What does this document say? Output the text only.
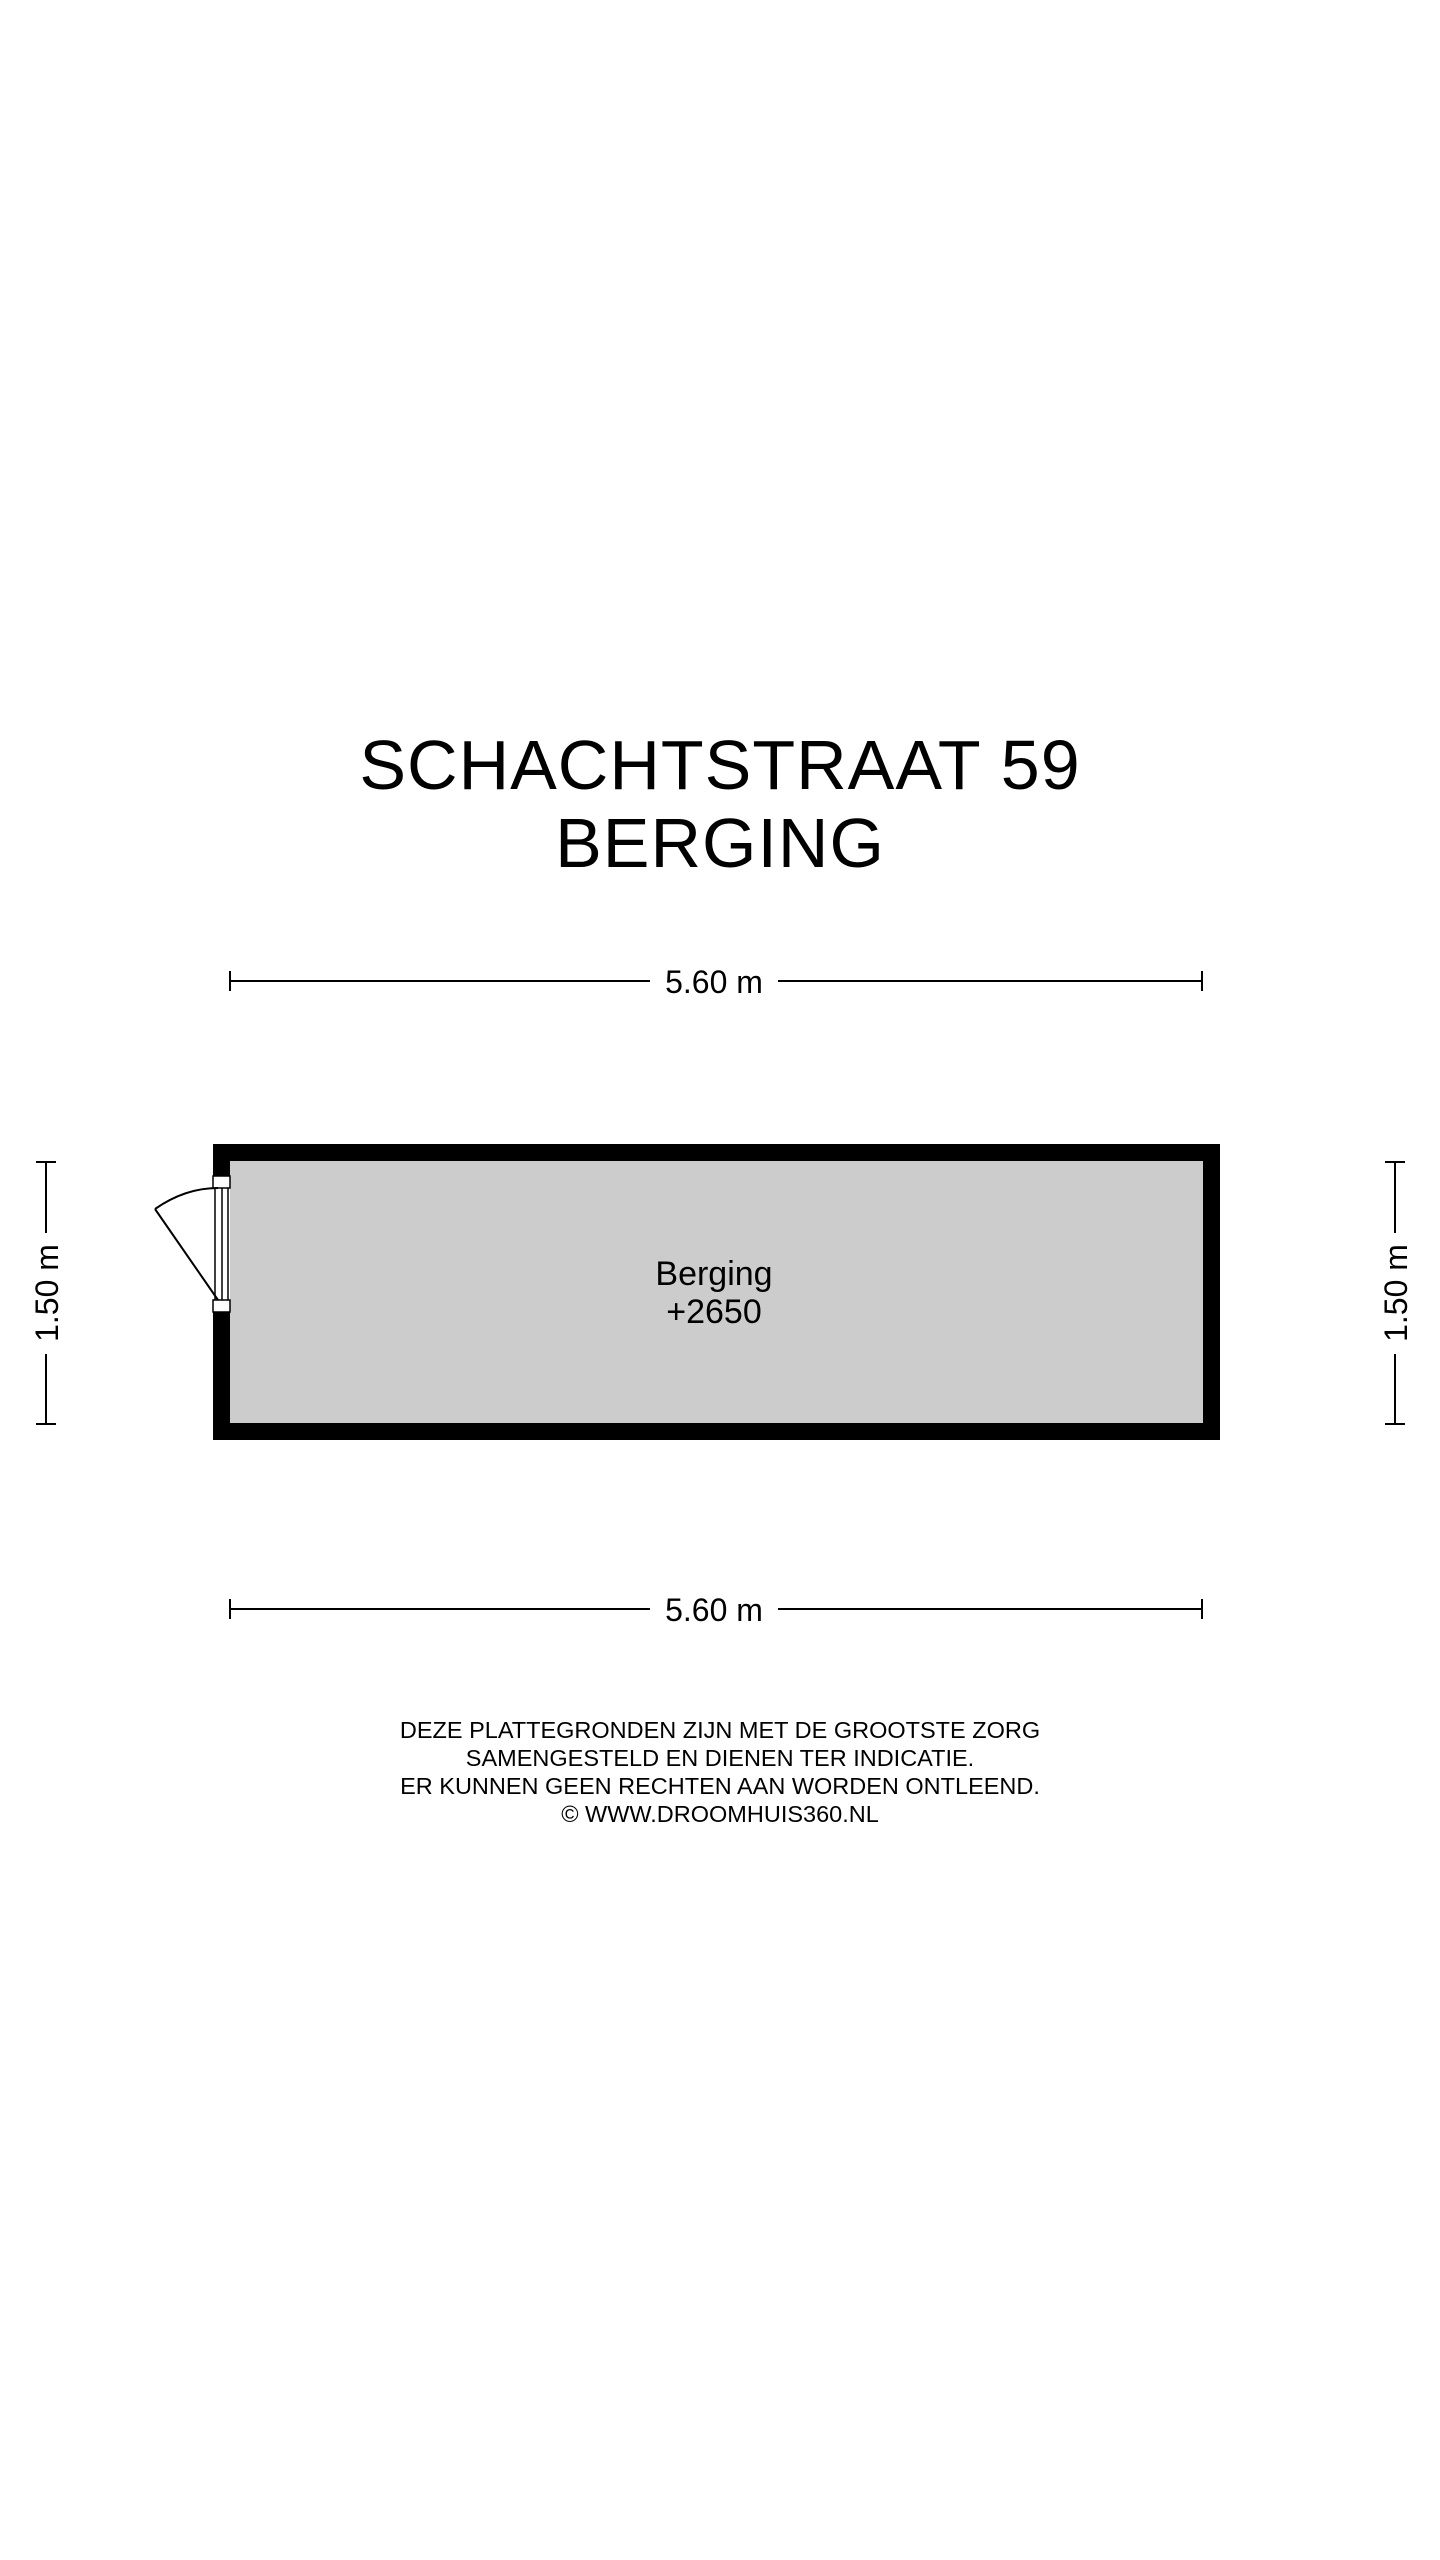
SCHACHTSTRAAT 59
BERGING
5.60 m
5.60 m
1.50 m	1.50 m
Berging
+2650
DEZE PLATTEGRONDEN ZIJN MET DE GROOTSTE ZORG
SAMENGESTELD EN DIENEN TER INDICATIE.
ER KUNNEN GEEN RECHTEN AAN WORDEN ONTLEEND.
© WWW.DROOMHUIS360.NL
